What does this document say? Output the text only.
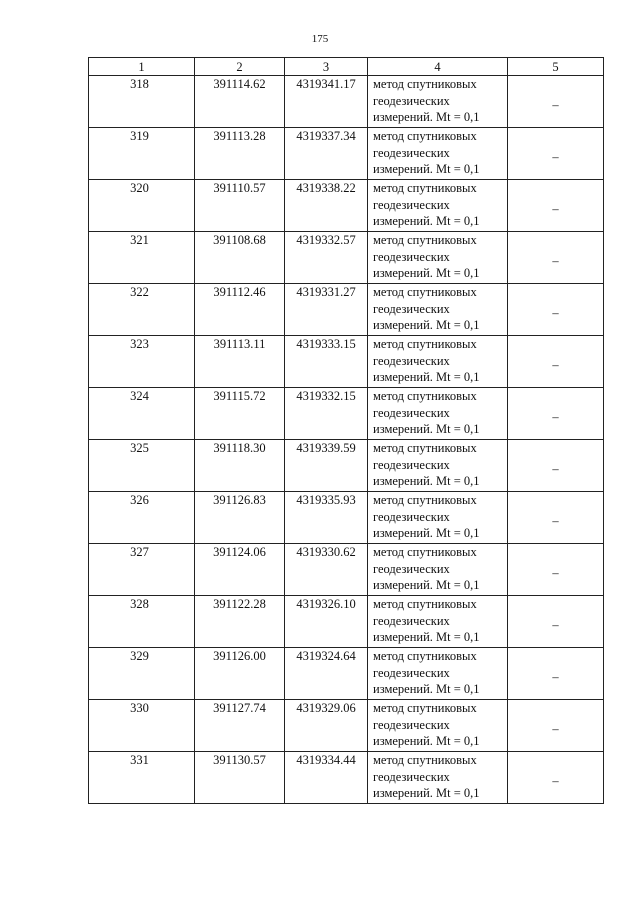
175
1	2	3	4	5
318	391114.62	4319341.17	метод спутниковых
геодезических
измерений. Mt = 0,1	–
319	391113.28	4319337.34	метод спутниковых
геодезических
измерений. Mt = 0,1	–
320	391110.57	4319338.22	метод спутниковых
геодезических
измерений. Mt = 0,1	–
321	391108.68	4319332.57	метод спутниковых
геодезических
измерений. Mt = 0,1	–
322	391112.46	4319331.27	метод спутниковых
геодезических
измерений. Mt = 0,1	–
323	391113.11	4319333.15	метод спутниковых
геодезических
измерений. Mt = 0,1	–
324	391115.72	4319332.15	метод спутниковых
геодезических
измерений. Mt = 0,1	–
325	391118.30	4319339.59	метод спутниковых
геодезических
измерений. Mt = 0,1	–
326	391126.83	4319335.93	метод спутниковых
геодезических
измерений. Mt = 0,1	–
327	391124.06	4319330.62	метод спутниковых
геодезических
измерений. Mt = 0,1	–
328	391122.28	4319326.10	метод спутниковых
геодезических
измерений. Mt = 0,1	–
329	391126.00	4319324.64	метод спутниковых
геодезических
измерений. Mt = 0,1	–
330	391127.74	4319329.06	метод спутниковых
геодезических
измерений. Mt = 0,1	–
331	391130.57	4319334.44	метод спутниковых
геодезических
измерений. Mt = 0,1	–
